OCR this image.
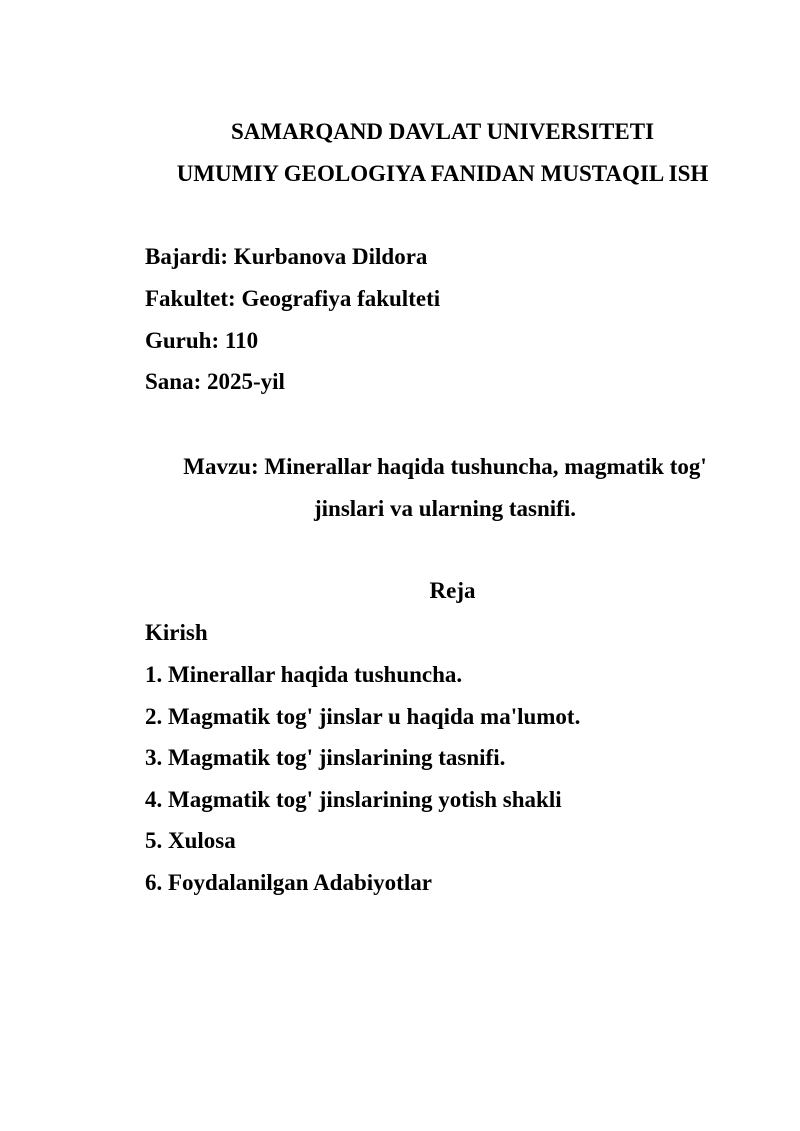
SAMARQAND DAVLAT UNIVERSITETI

UMUMIY GEOLOGIYA FANIDAN MUSTAQIL ISH

Bajardi: Kurbanova Dildora

Fakultet: Geografiya fakulteti

Guruh: 110

Sana: 2025-yil

Mavzu: Minerallar haqida tushuncha, magmatik tog'

jinslari va ularning tasnifi.

Reja

Kirish

1. Minerallar haqida tushuncha.

2. Magmatik tog' jinslar u haqida ma'lumot.

3. Magmatik tog' jinslarining tasnifi.

4. Magmatik tog' jinslarining yotish shakli

5. Xulosa

6. Foydalanilgan Adabiyotlar
